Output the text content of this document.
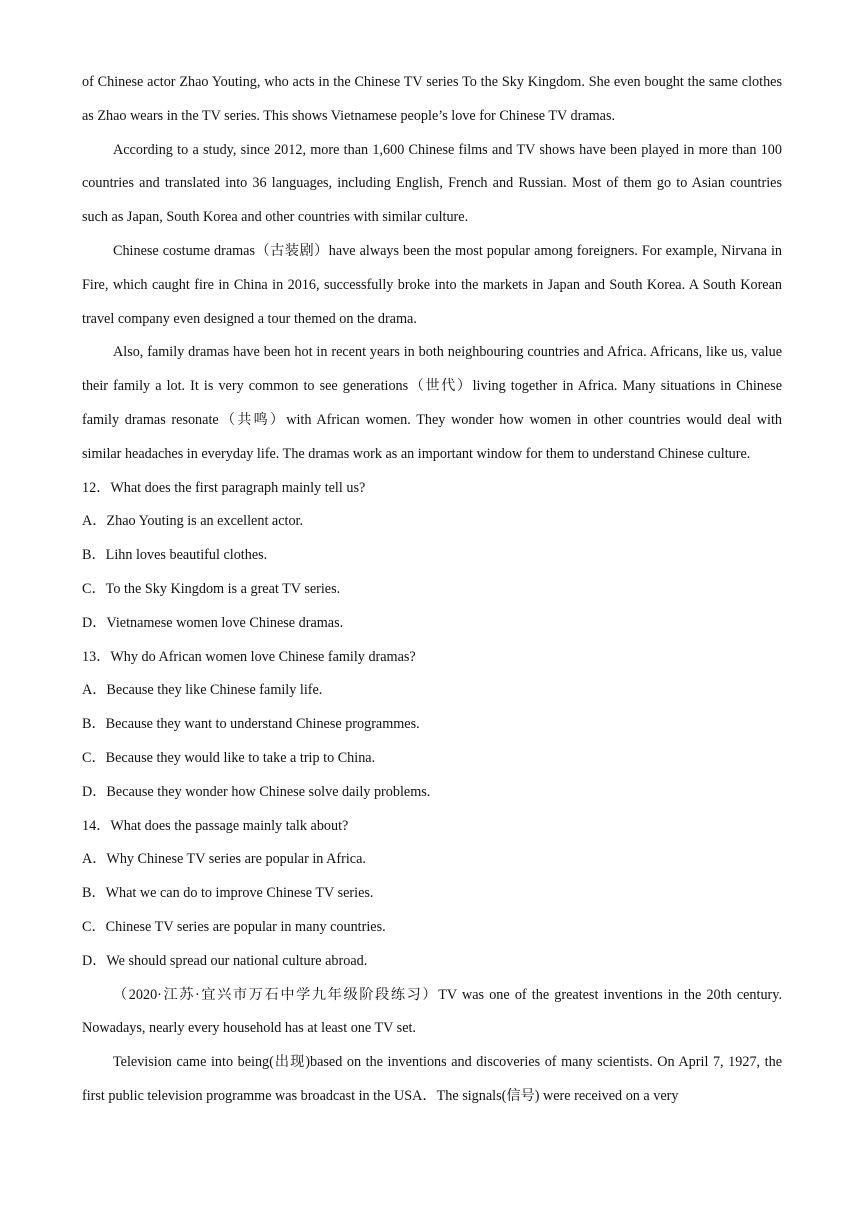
of Chinese actor Zhao Youting, who acts in the Chinese TV series To the Sky Kingdom. She even bought the same clothes as Zhao wears in the TV series. This shows Vietnamese people’s love for Chinese TV dramas.

According to a study, since 2012, more than 1,600 Chinese films and TV shows have been played in more than 100 countries and translated into 36 languages, including English, French and Russian. Most of them go to Asian countries such as Japan, South Korea and other countries with similar culture.

Chinese costume dramas（古装剧）have always been the most popular among foreigners. For example, Nirvana in Fire, which caught fire in China in 2016, successfully broke into the markets in Japan and South Korea. A South Korean travel company even designed a tour themed on the drama.

Also, family dramas have been hot in recent years in both neighbouring countries and Africa. Africans, like us, value their family a lot. It is very common to see generations（世代）living together in Africa. Many situations in Chinese family dramas resonate（共鸣）with African women. They wonder how women in other countries would deal with similar headaches in everyday life. The dramas work as an important window for them to understand Chinese culture.

12．What does the first paragraph mainly tell us?

A．Zhao Youting is an excellent actor.

B．Lihn loves beautiful clothes.

C．To the Sky Kingdom is a great TV series.

D．Vietnamese women love Chinese dramas.

13．Why do African women love Chinese family dramas?

A．Because they like Chinese family life.

B．Because they want to understand Chinese programmes.

C．Because they would like to take a trip to China.

D．Because they wonder how Chinese solve daily problems.

14．What does the passage mainly talk about?

A．Why Chinese TV series are popular in Africa.

B．What we can do to improve Chinese TV series.

C．Chinese TV series are popular in many countries.

D．We should spread our national culture abroad.

（2020·江苏·宜兴市万石中学九年级阶段练习）TV was one of the greatest inventions in the 20th century. Nowadays, nearly every household has at least one TV set.

Television came into being(出现)based on the inventions and discoveries of many scientists. On April 7, 1927, the first public television programme was broadcast in the USA．The signals(信号) were received on a very
